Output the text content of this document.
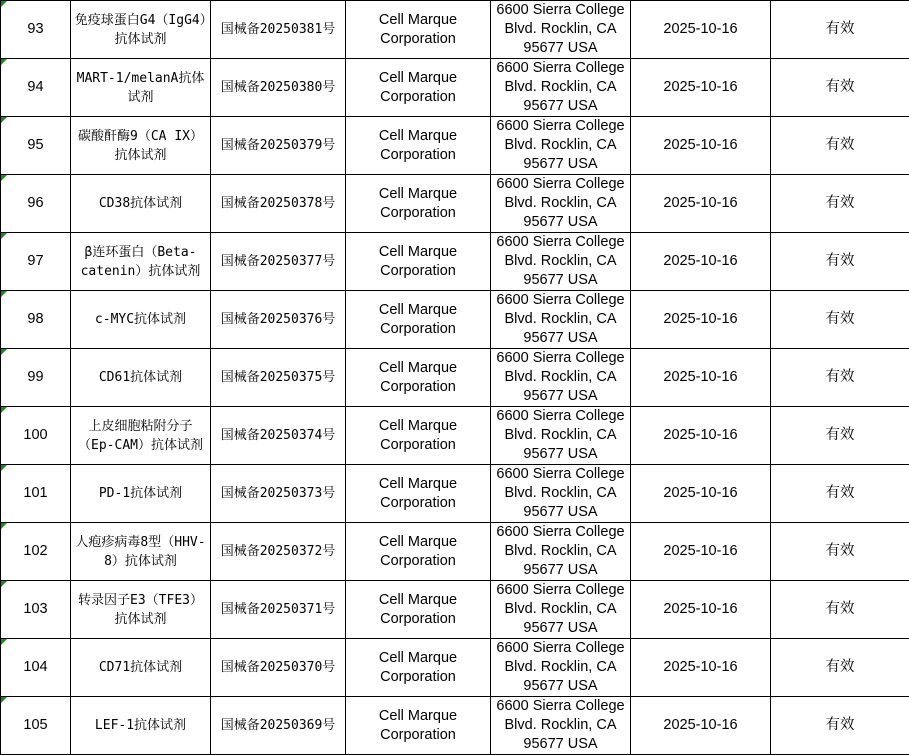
93	免疫球蛋白G4（IgG4）抗体试剂	国械备20250381号	Cell Marque Corporation	6600 Sierra College Blvd. Rocklin, CA 95677 USA	2025-10-16	有效
94	MART-1/melanA抗体试剂	国械备20250380号	Cell Marque Corporation	6600 Sierra College Blvd. Rocklin, CA 95677 USA	2025-10-16	有效
95	碳酸酐酶9（CA IX）抗体试剂	国械备20250379号	Cell Marque Corporation	6600 Sierra College Blvd. Rocklin, CA 95677 USA	2025-10-16	有效
96	CD38抗体试剂	国械备20250378号	Cell Marque Corporation	6600 Sierra College Blvd. Rocklin, CA 95677 USA	2025-10-16	有效
97	β连环蛋白（Beta-catenin）抗体试剂	国械备20250377号	Cell Marque Corporation	6600 Sierra College Blvd. Rocklin, CA 95677 USA	2025-10-16	有效
98	c-MYC抗体试剂	国械备20250376号	Cell Marque Corporation	6600 Sierra College Blvd. Rocklin, CA 95677 USA	2025-10-16	有效
99	CD61抗体试剂	国械备20250375号	Cell Marque Corporation	6600 Sierra College Blvd. Rocklin, CA 95677 USA	2025-10-16	有效
100	上皮细胞粘附分子（Ep-CAM）抗体试剂	国械备20250374号	Cell Marque Corporation	6600 Sierra College Blvd. Rocklin, CA 95677 USA	2025-10-16	有效
101	PD-1抗体试剂	国械备20250373号	Cell Marque Corporation	6600 Sierra College Blvd. Rocklin, CA 95677 USA	2025-10-16	有效
102	人疱疹病毒8型（HHV-8）抗体试剂	国械备20250372号	Cell Marque Corporation	6600 Sierra College Blvd. Rocklin, CA 95677 USA	2025-10-16	有效
103	转录因子E3（TFE3）抗体试剂	国械备20250371号	Cell Marque Corporation	6600 Sierra College Blvd. Rocklin, CA 95677 USA	2025-10-16	有效
104	CD71抗体试剂	国械备20250370号	Cell Marque Corporation	6600 Sierra College Blvd. Rocklin, CA 95677 USA	2025-10-16	有效
105	LEF-1抗体试剂	国械备20250369号	Cell Marque Corporation	6600 Sierra College Blvd. Rocklin, CA 95677 USA	2025-10-16	有效
